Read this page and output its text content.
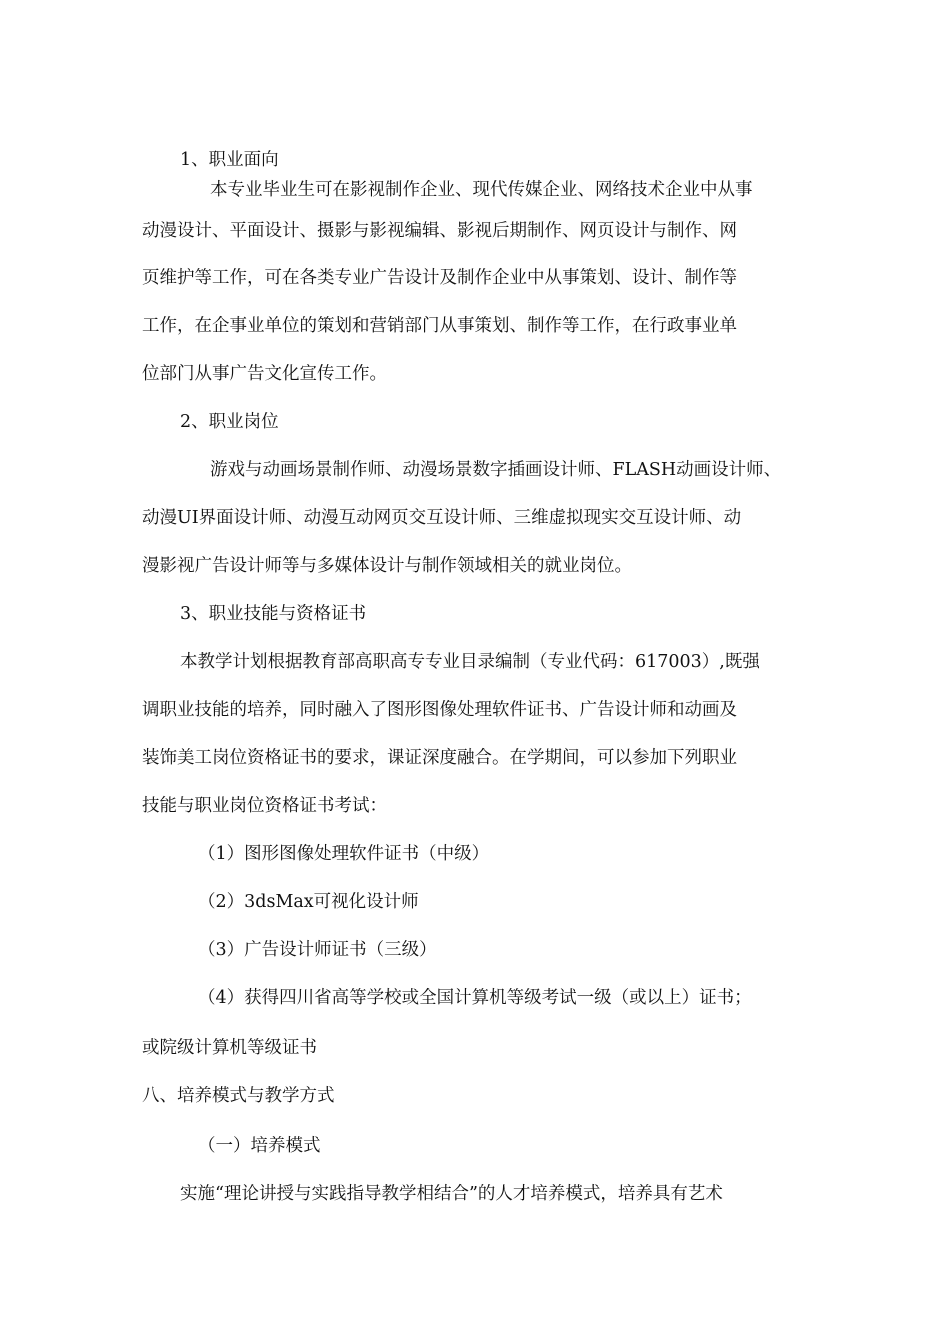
1、职业面向
本专业毕业生可在影视制作企业、现代传媒企业、网络技术企业中从事
动漫设计、平面设计、摄影与影视编辑、影视后期制作、网页设计与制作、网
页维护等工作，可在各类专业广告设计及制作企业中从事策划、设计、制作等
工作，在企事业单位的策划和营销部门从事策划、制作等工作，在行政事业单
位部门从事广告文化宣传工作。
2、职业岗位
游戏与动画场景制作师、动漫场景数字插画设计师、FLASH动画设计师、
动漫UI界面设计师、动漫互动网页交互设计师、三维虚拟现实交互设计师、动
漫影视广告设计师等与多媒体设计与制作领域相关的就业岗位。
3、职业技能与资格证书
本教学计划根据教育部高职高专专业目录编制（专业代码：617003）,既强
调职业技能的培养，同时融入了图形图像处理软件证书、广告设计师和动画及
装饰美工岗位资格证书的要求，课证深度融合。在学期间，可以参加下列职业
技能与职业岗位资格证书考试：
（1）图形图像处理软件证书（中级）
（2）3dsMax可视化设计师
（3）广告设计师证书（三级）
（4）获得四川省高等学校或全国计算机等级考试一级（或以上）证书；
或院级计算机等级证书
八、培养模式与教学方式
（一）培养模式
实施“理论讲授与实践指导教学相结合”的人才培养模式，培养具有艺术
